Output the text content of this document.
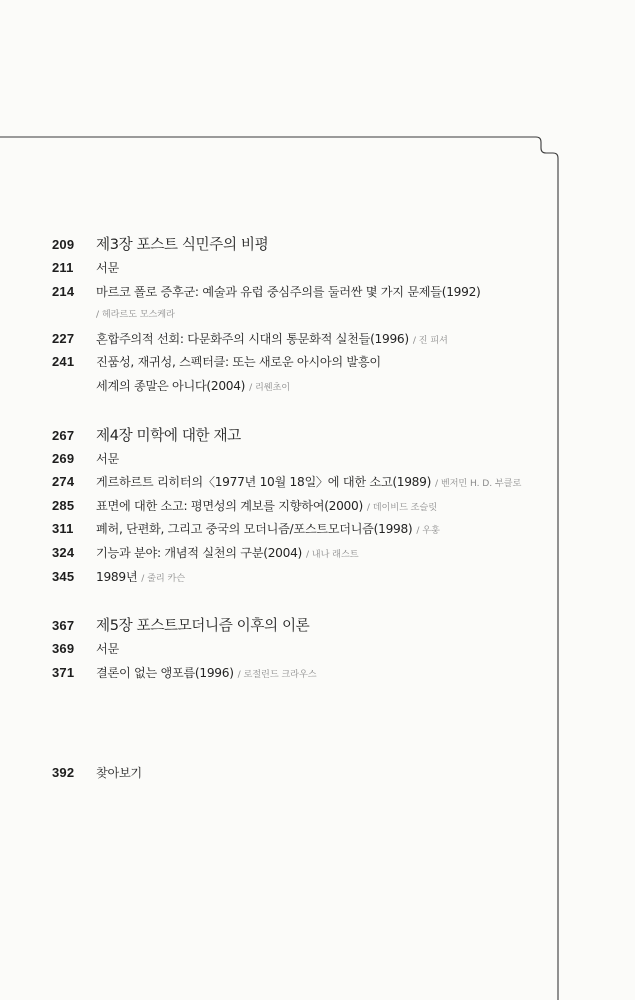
209	제3장 포스트 식민주의 비평
211	서문
214	마르코 폴로 증후군: 예술과 유럽 중심주의를 둘러싼 몇 가지 문제들(1992)
/ 헤라르도 모스케라
227	혼합주의적 선회: 다문화주의 시대의 통문화적 실천들(1996) / 진 피셔
241	진품성, 재귀성, 스펙터클: 또는 새로운 아시아의 발흥이
세계의 종말은 아니다(2004) / 리웬초이
267	제4장 미학에 대한 재고
269	서문
274	게르하르트 리히터의〈1977년 10월 18일〉에 대한 소고(1989) / 벤저민 H. D. 부클로
285	표면에 대한 소고: 평면성의 계보를 지향하여(2000) / 데이비드 조슬릿
311	폐허, 단편화, 그리고 중국의 모더니즘/포스트모더니즘(1998) / 우훙
324	기능과 분야: 개념적 실천의 구분(2004) / 내나 래스트
345	1989년 / 줄리 카슨
367	제5장 포스트모더니즘 이후의 이론
369	서문
371	결론이 없는 앵포름(1996) / 로절린드 크라우스
392	찾아보기
